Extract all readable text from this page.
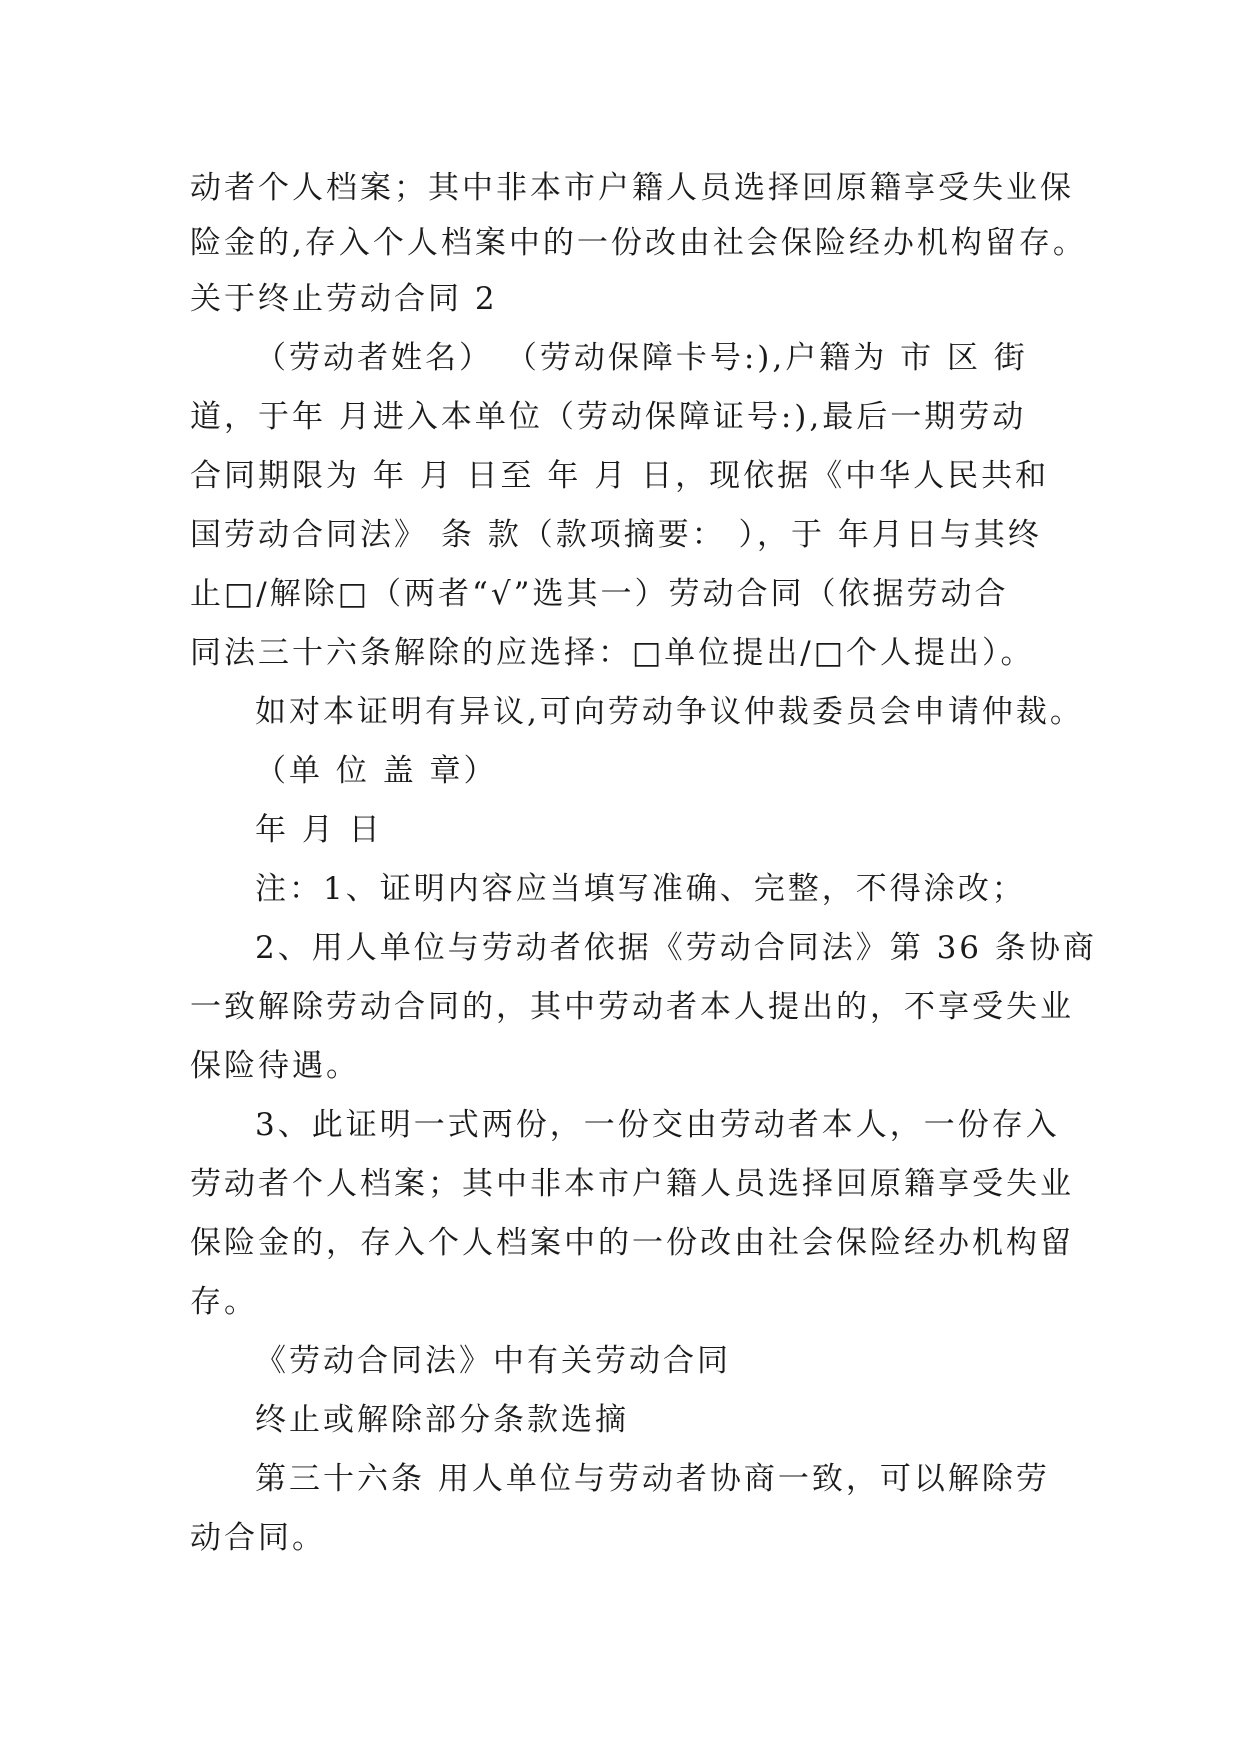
动者个人档案；其中非本市户籍人员选择回原籍享受失业保
险金的,存入个人档案中的一份改由社会保险经办机构留存。
关于终止劳动合同 2
（劳动者姓名） （劳动保障卡号:),户籍为 市 区 街
道，于年 月进入本单位（劳动保障证号:),最后一期劳动
合同期限为 年 月 日至 年 月 日，现依据《中华人民共和
国劳动合同法》 条 款（款项摘要： ），于 年月日与其终
止□/解除□（两者“√”选其一）劳动合同（依据劳动合
同法三十六条解除的应选择：□单位提出/□个人提出）。
如对本证明有异议,可向劳动争议仲裁委员会申请仲裁。
（单 位 盖 章）
年 月 日
注：1、证明内容应当填写准确、完整，不得涂改；
2、用人单位与劳动者依据《劳动合同法》第 36 条协商
一致解除劳动合同的，其中劳动者本人提出的，不享受失业
保险待遇。
3、此证明一式两份，一份交由劳动者本人，一份存入
劳动者个人档案；其中非本市户籍人员选择回原籍享受失业
保险金的，存入个人档案中的一份改由社会保险经办机构留
存。
《劳动合同法》中有关劳动合同
终止或解除部分条款选摘
第三十六条 用人单位与劳动者协商一致，可以解除劳
动合同。
